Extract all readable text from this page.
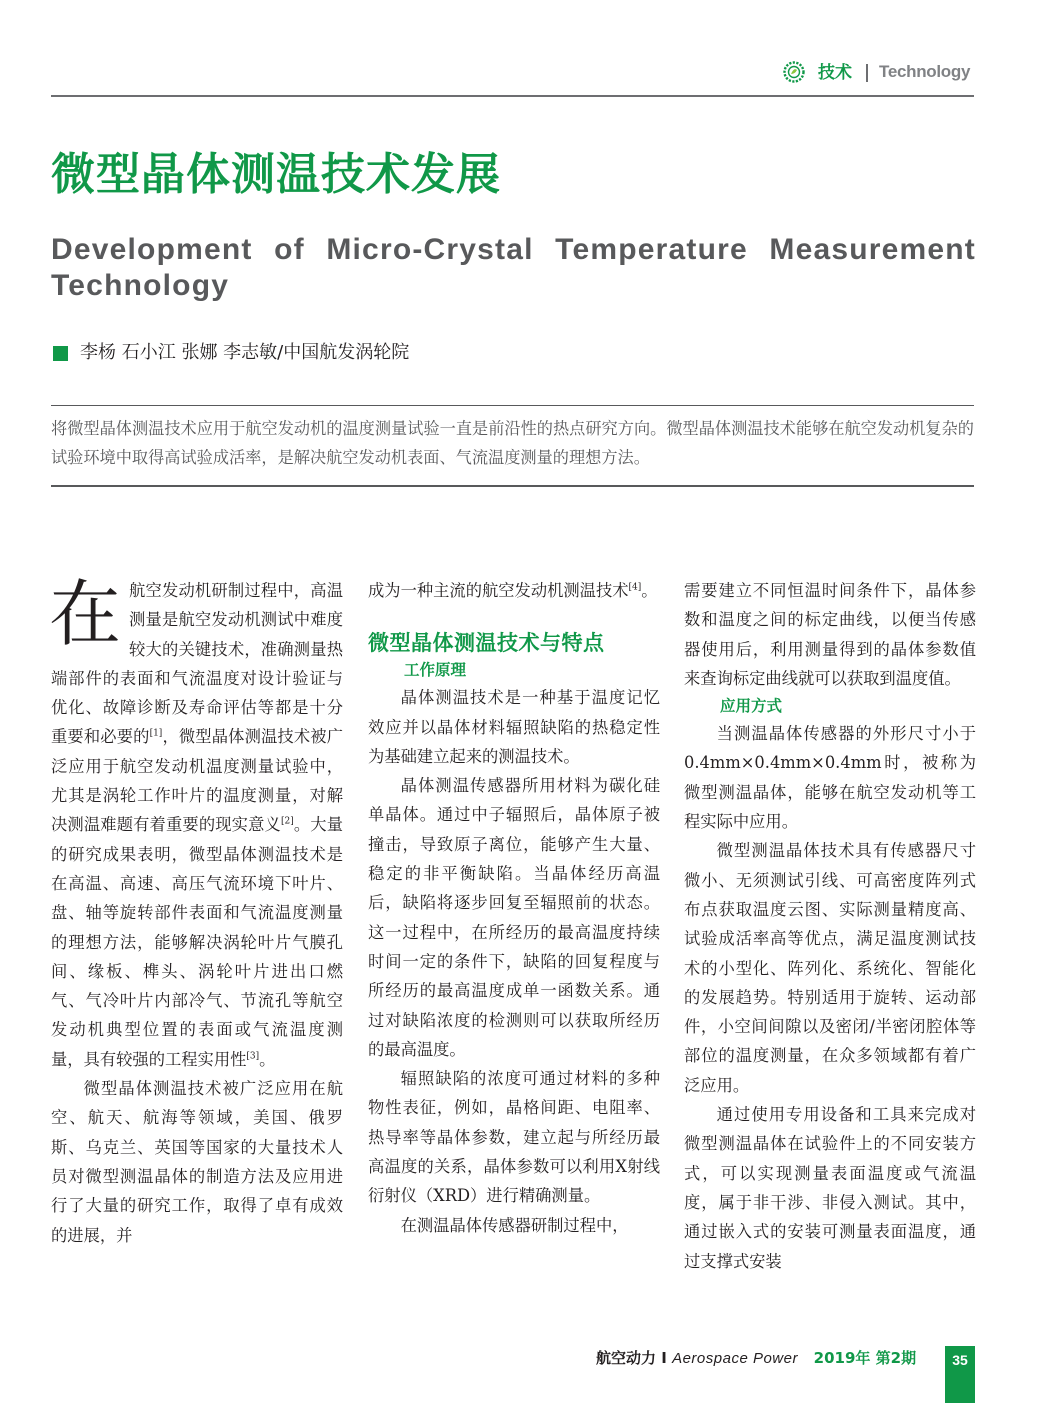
技术 Technology
微型晶体测温技术发展
Development of Micro-Crystal Temperature Measurement
Technology
李杨 石小江 张娜 李志敏/中国航发涡轮院
将微型晶体测温技术应用于航空发动机的温度测量试验一直是前沿性的热点研究方向。微型晶体测温技术能够在航空发动机复杂的试验环境中取得高试验成活率，是解决航空发动机表面、气流温度测量的理想方法。

在航空发动机研制过程中，高温测量是航空发动机测试中难度较大的关键技术，准确测量热端部件的表面和气流温度对设计验证与优化、故障诊断及寿命评估等都是十分重要和必要的[1]，微型晶体测温技术被广泛应用于航空发动机温度测量试验中，尤其是涡轮工作叶片的温度测量，对解决测温难题有着重要的现实意义[2]。大量的研究成果表明，微型晶体测温技术是在高温、高速、高压气流环境下叶片、盘、轴等旋转部件表面和气流温度测量的理想方法，能够解决涡轮叶片气膜孔间、缘板、榫头、涡轮叶片进出口燃气、气冷叶片内部冷气、节流孔等航空发动机典型位置的表面或气流温度测量，具有较强的工程实用性[3]。

微型晶体测温技术被广泛应用在航空、航天、航海等领域，美国、俄罗斯、乌克兰、英国等国家的大量技术人员对微型测温晶体的制造方法及应用进行了大量的研究工作，取得了卓有成效的进展，并

成为一种主流的航空发动机测温技术[4]。

微型晶体测温技术与特点
工作原理

晶体测温技术是一种基于温度记忆效应并以晶体材料辐照缺陷的热稳定性为基础建立起来的测温技术。

晶体测温传感器所用材料为碳化硅单晶体。通过中子辐照后，晶体原子被撞击，导致原子离位，能够产生大量、稳定的非平衡缺陷。当晶体经历高温后，缺陷将逐步回复至辐照前的状态。这一过程中，在所经历的最高温度持续时间一定的条件下，缺陷的回复程度与所经历的最高温度成单一函数关系。通过对缺陷浓度的检测则可以获取所经历的最高温度。

辐照缺陷的浓度可通过材料的多种物性表征，例如，晶格间距、电阻率、热导率等晶体参数，建立起与所经历最高温度的关系，晶体参数可以利用X射线衍射仪（XRD）进行精确测量。

在测温晶体传感器研制过程中，

需要建立不同恒温时间条件下，晶体参数和温度之间的标定曲线，以便当传感器使用后，利用测量得到的晶体参数值来查询标定曲线就可以获取到温度值。

应用方式

当测温晶体传感器的外形尺寸小于0.4mm×0.4mm×0.4mm时，被称为微型测温晶体，能够在航空发动机等工程实际中应用。

微型测温晶体技术具有传感器尺寸微小、无须测试引线、可高密度阵列式布点获取温度云图、实际测量精度高、试验成活率高等优点，满足温度测试技术的小型化、阵列化、系统化、智能化的发展趋势。特别适用于旋转、运动部件，小空间间隙以及密闭/半密闭腔体等部位的温度测量，在众多领域都有着广泛应用。

通过使用专用设备和工具来完成对微型测温晶体在试验件上的不同安装方式，可以实现测量表面温度或气流温度，属于非干涉、非侵入测试。其中，通过嵌入式的安装可测量表面温度，通过支撑式安装

航空动力 I Aerospace Power 2019年 第2期	35
